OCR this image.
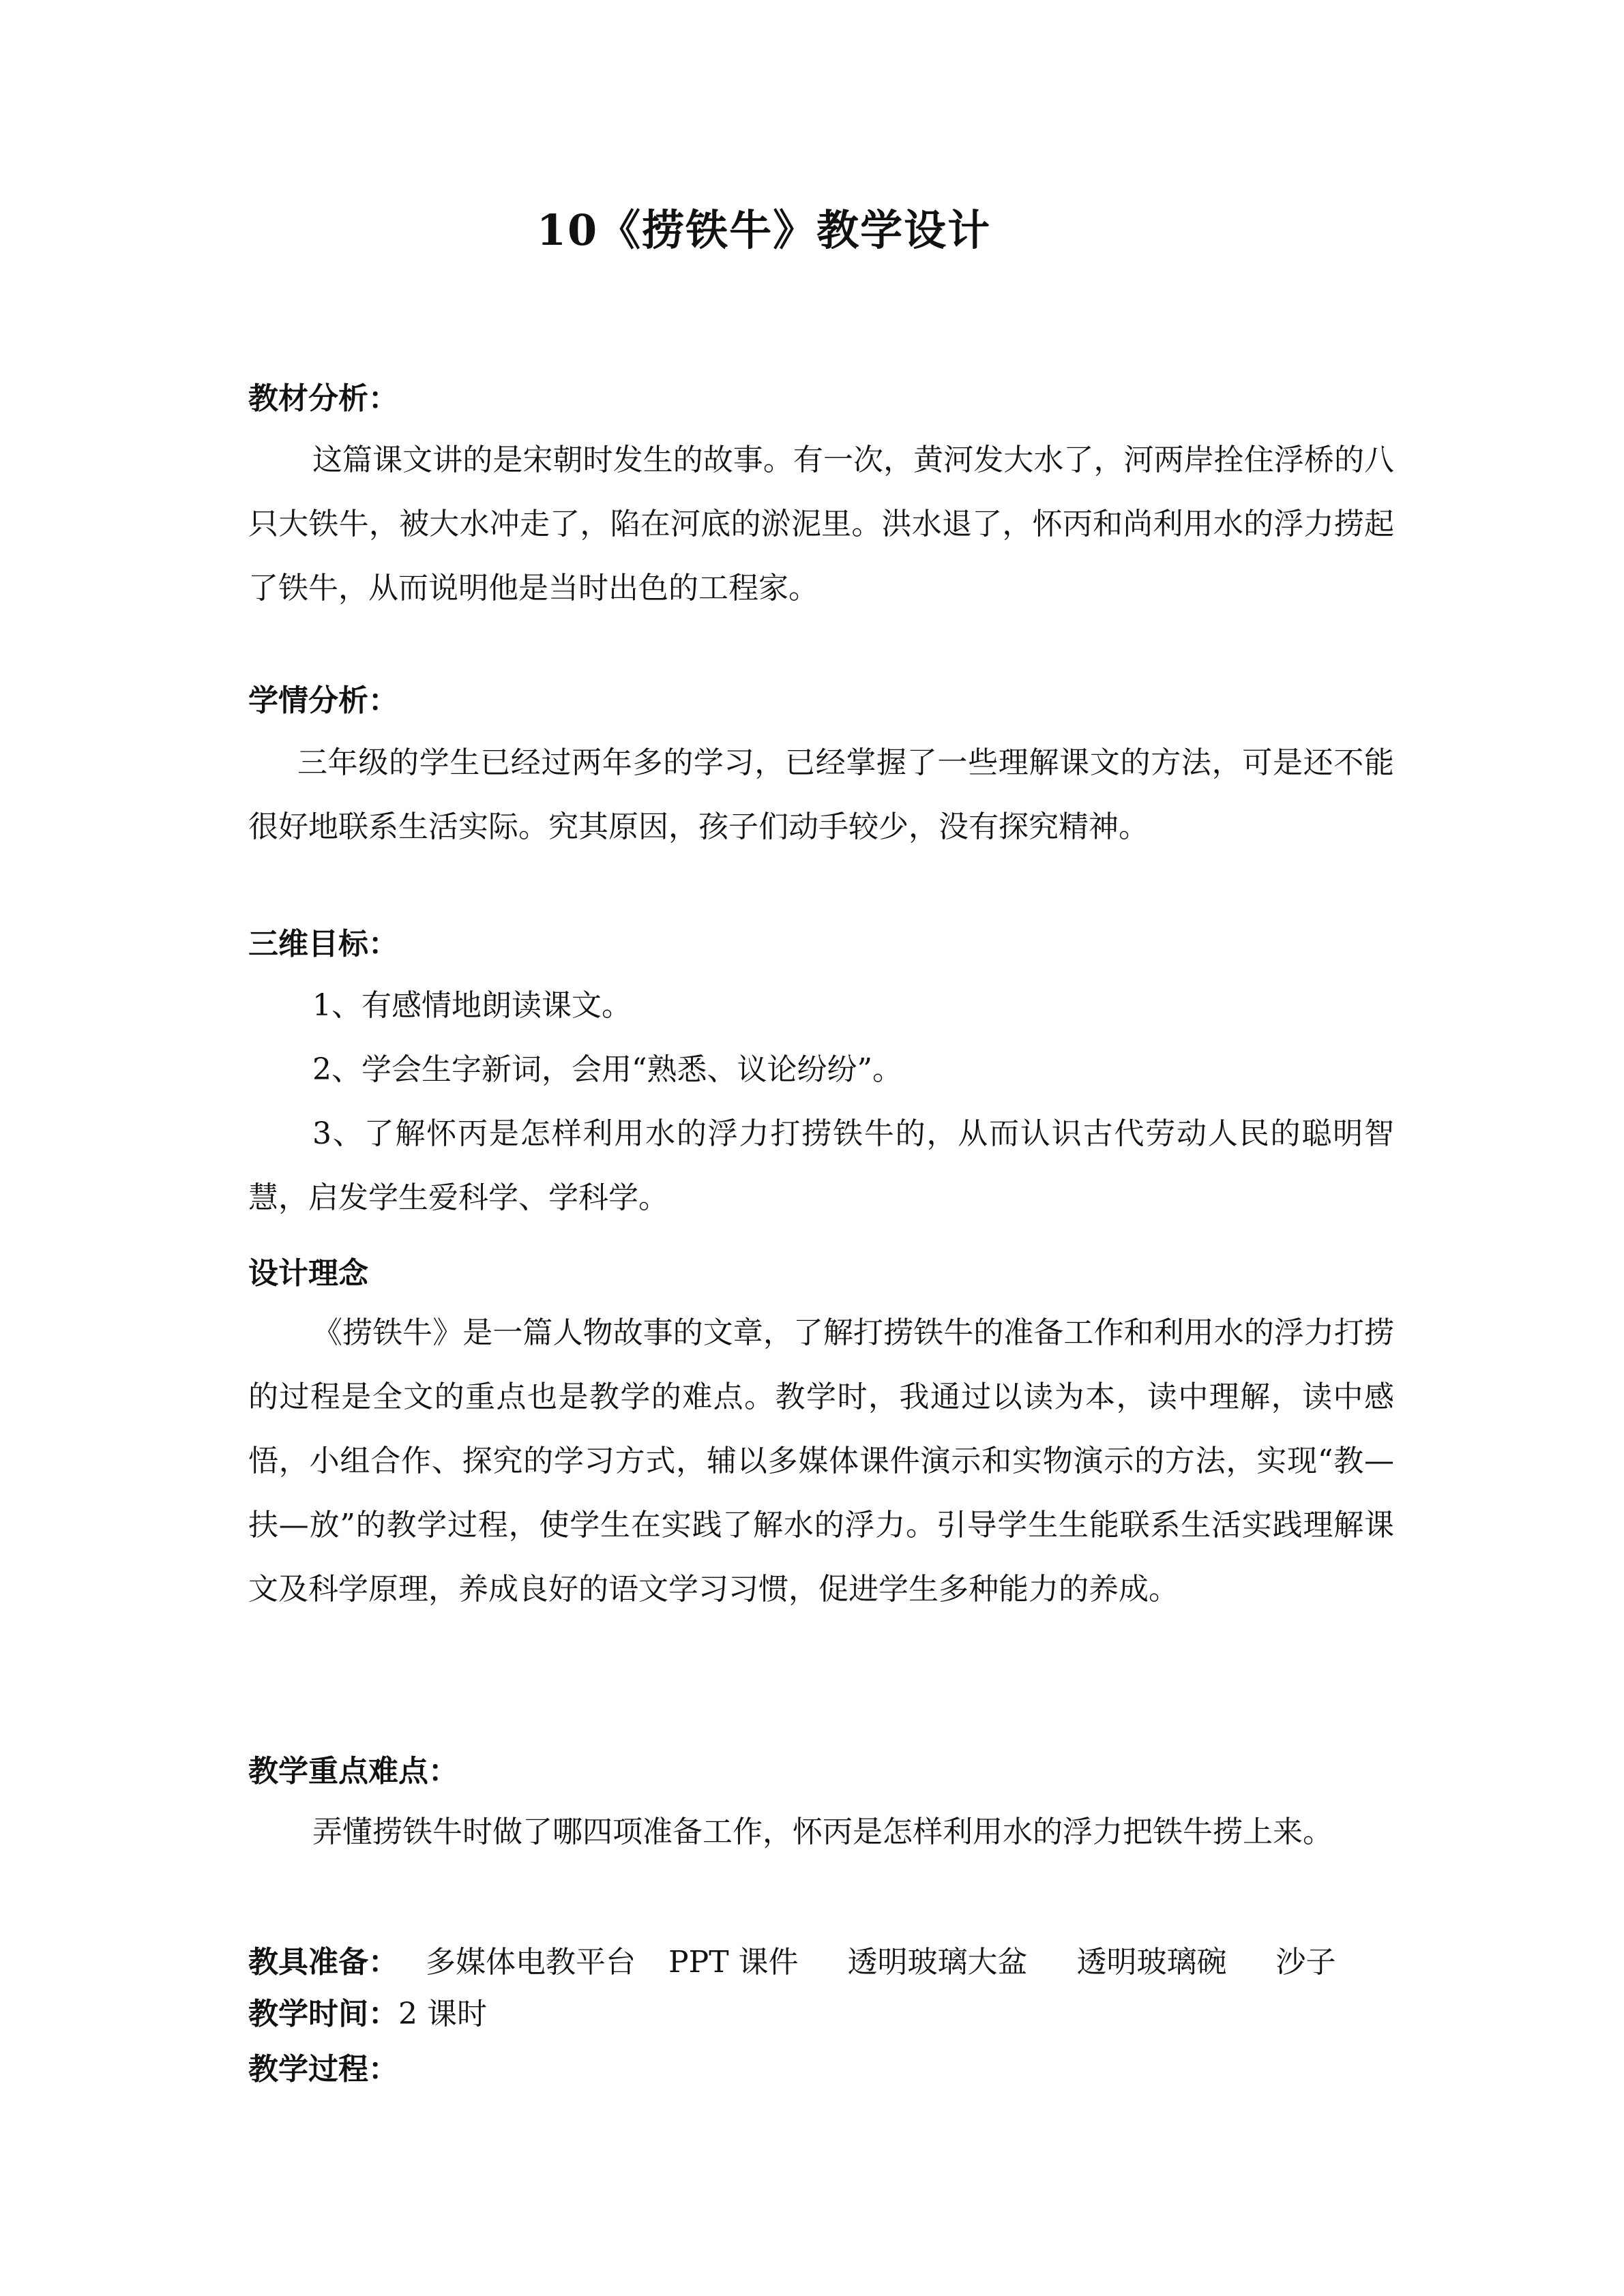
10《捞铁牛》教学设计
教材分析：

这篇课文讲的是宋朝时发生的故事。有一次，黄河发大水了，河两岸拴住浮桥的八只大铁牛，被大水冲走了，陷在河底的淤泥里。洪水退了，怀丙和尚利用水的浮力捞起了铁牛，从而说明他是当时出色的工程家。

学情分析：

三年级的学生已经过两年多的学习，已经掌握了一些理解课文的方法，可是还不能很好地联系生活实际。究其原因，孩子们动手较少，没有探究精神。

三维目标：

1、有感情地朗读课文。

2、学会生字新词，会用“熟悉、议论纷纷”。

3、了解怀丙是怎样利用水的浮力打捞铁牛的，从而认识古代劳动人民的聪明智慧，启发学生爱科学、学科学。

设计理念

《捞铁牛》是一篇人物故事的文章，了解打捞铁牛的准备工作和利用水的浮力打捞的过程是全文的重点也是教学的难点。教学时，我通过以读为本，读中理解，读中感悟，小组合作、探究的学习方式，辅以多媒体课件演示和实物演示的方法，实现“教—扶—放”的教学过程，使学生在实践了解水的浮力。引导学生生能联系生活实践理解课文及科学原理，养成良好的语文学习习惯，促进学生多种能力的养成。

教学重点难点：

弄懂捞铁牛时做了哪四项准备工作，怀丙是怎样利用水的浮力把铁牛捞上来。

教具准备： 多媒体电教平台 PPT 课件 透明玻璃大盆 透明玻璃碗 沙子
教学时间：2 课时
教学过程：
